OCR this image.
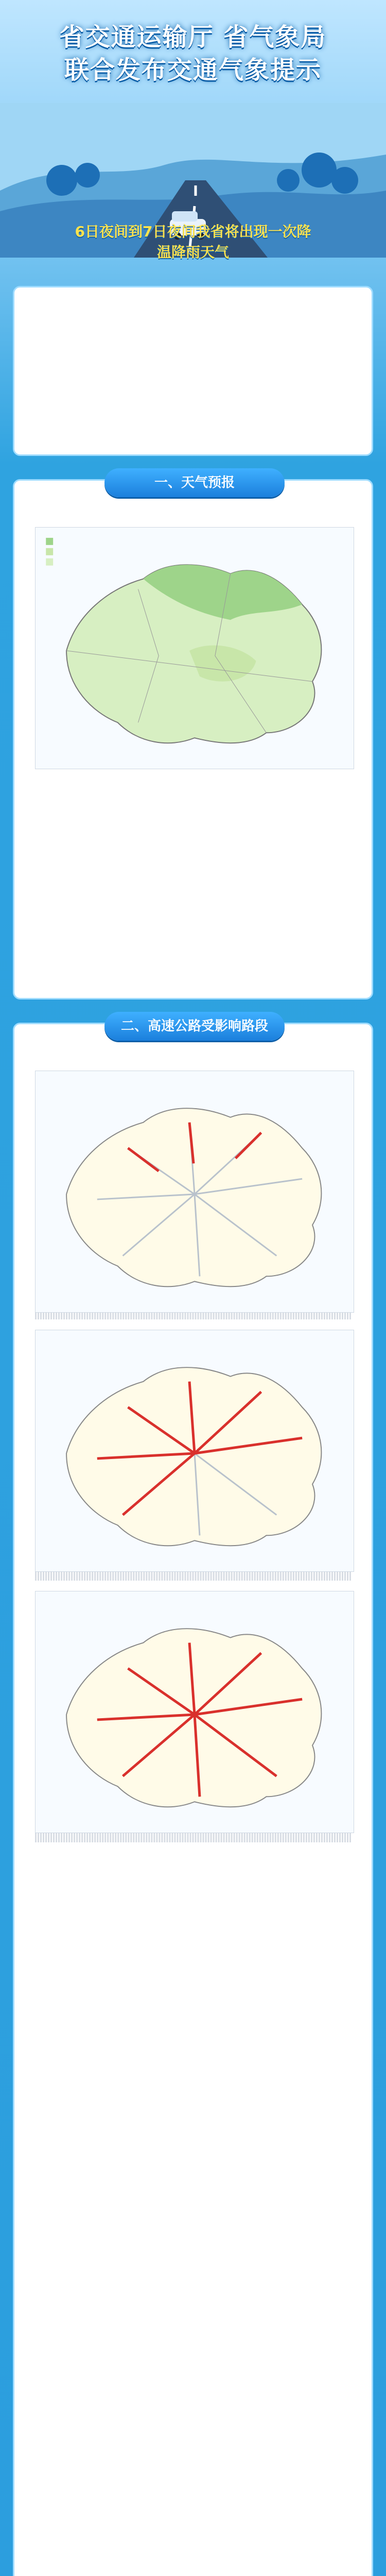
省交通运输厅 省气象局
联合发布交通气象提示
6日夜间到7日夜间我省将出现一次降
温降雨天气

一、天气预报

二、高速公路受影响路段
